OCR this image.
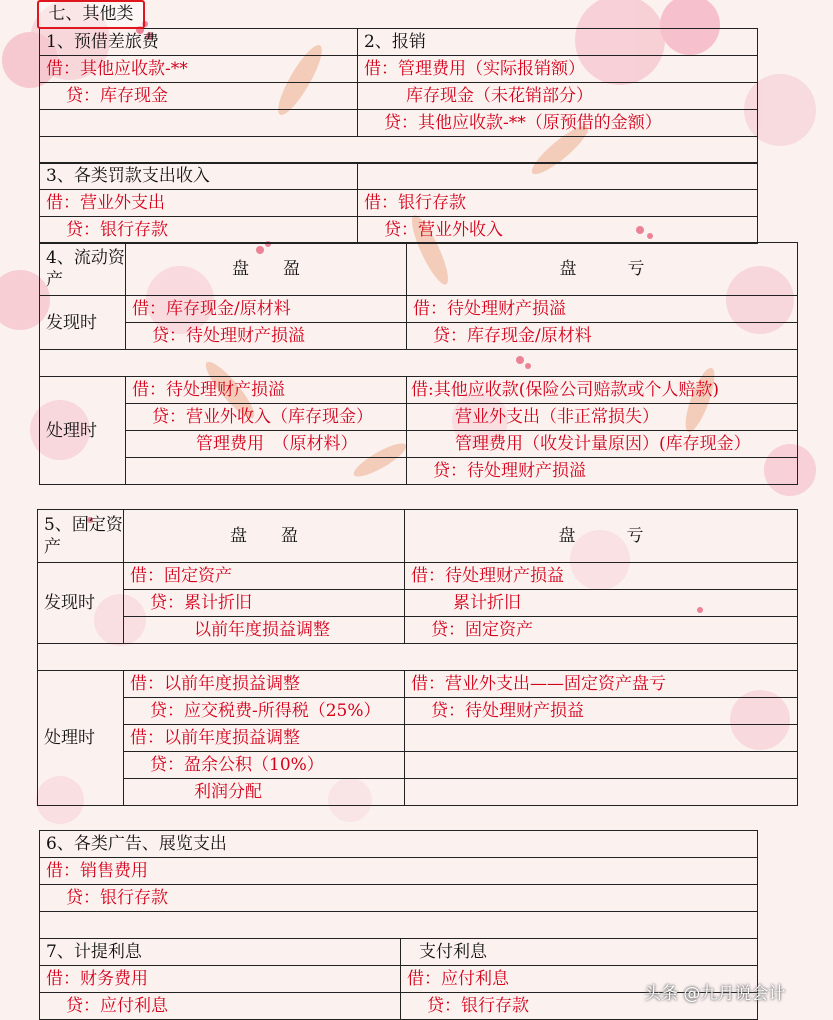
七、其他类
1、预借差旅费	2、报销
借：其他应收款-**	借：管理费用（实际报销额）
贷：库存现金	库存现金（未花销部分）
	贷：其他应收款-**（原预借的金额）

3、各类罚款支出收入	
借：营业外支出	借：银行存款
贷：银行存款	贷：营业外收入
4、流动资产	盘　　盈	盘　　　亏
发现时	借：库存现金/原材料	借：待处理财产损溢
	贷：待处理财产损溢	贷：库存现金/原材料

处理时	借：待处理财产损溢	借:其他应收款(保险公司赔款或个人赔款)
	贷：营业外收入（库存现金）	营业外支出（非正常损失）
	管理费用　（原材料）	管理费用（收发计量原因）(库存现金）
		贷：待处理财产损溢
5、固定资产	盘　　盈	盘　　　亏
发现时	借：固定资产	借：待处理财产损益
	贷：累计折旧	累计折旧
	以前年度损益调整	贷：固定资产

处理时	借：以前年度损益调整	借：营业外支出——固定资产盘亏
	贷：应交税费-所得税（25%）	贷：待处理财产损益
	借：以前年度损益调整	
	贷：盈余公积（10%）	
	利润分配	
6、各类广告、展览支出
借：销售费用
贷：银行存款

7、计提利息	支付利息
借：财务费用	借：应付利息
贷：应付利息	贷：银行存款
头条 @九月说会计
